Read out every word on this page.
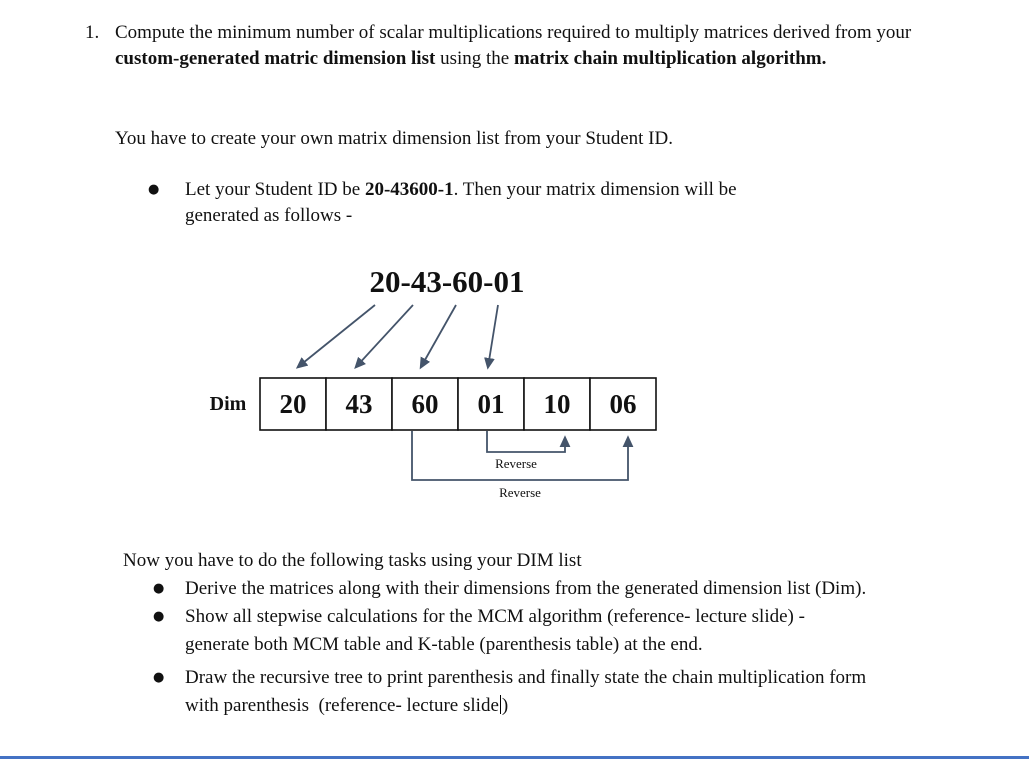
1. Compute the minimum number of scalar multiplications required to multiply matrices derived from your custom-generated matric dimension list using the matrix chain multiplication algorithm.
You have to create your own matrix dimension list from your Student ID.
●	Let your Student ID be 20-43600-1. Then your matrix dimension will be generated as follows -
20-43-60-01
Dim 20 43 60 01 10 06
Reverse
Reverse
Now you have to do the following tasks using your DIM list
●	Derive the matrices along with their dimensions from the generated dimension list (Dim).
●	Show all stepwise calculations for the MCM algorithm (reference- lecture slide) -
generate both MCM table and K-table (parenthesis table) at the end.
●	Draw the recursive tree to print parenthesis and finally state the chain multiplication form
with parenthesis  (reference- lecture slide )
